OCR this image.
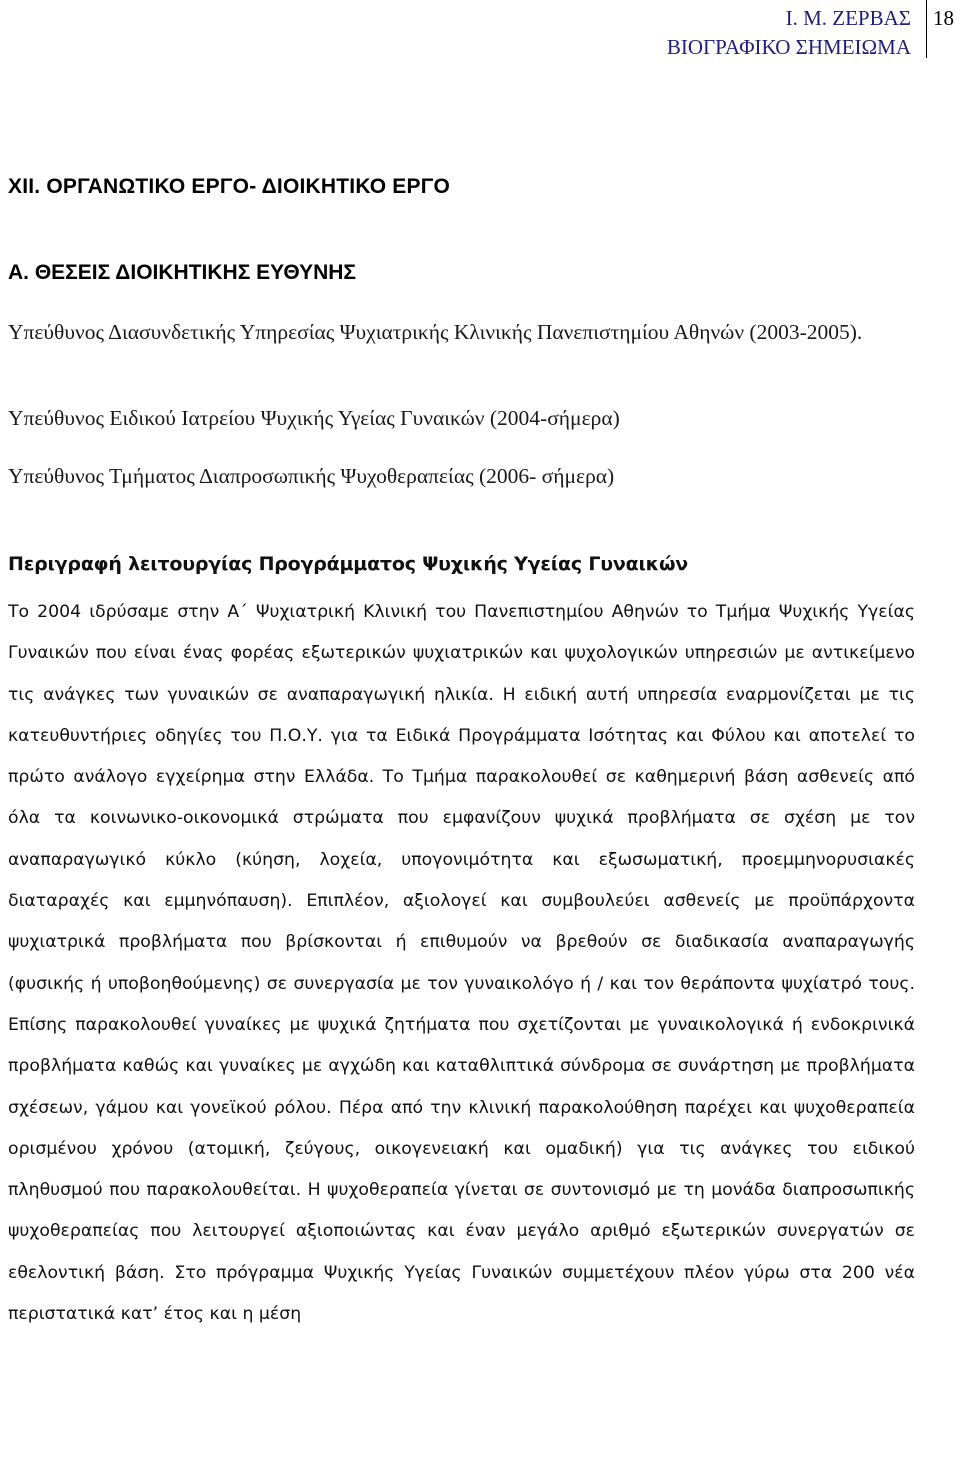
Ι. Μ. ΖΕΡΒΑΣ
ΒΙΟΓΡΑΦΙΚΟ ΣΗΜΕΙΩΜΑ
18
XII. ΟΡΓΑΝΩΤΙΚΟ ΕΡΓΟ- ΔΙΟΙΚΗΤΙΚΟ ΕΡΓΟ
Α. ΘΕΣΕΙΣ ΔΙΟΙΚΗΤΙΚΗΣ ΕΥΘΥΝΗΣ
Υπεύθυνος Διασυνδετικής Υπηρεσίας Ψυχιατρικής Κλινικής Πανεπιστημίου Αθηνών (2003-2005).
Υπεύθυνος Ειδικού Ιατρείου Ψυχικής Υγείας Γυναικών (2004-σήμερα)
Υπεύθυνος Τμήματος Διαπροσωπικής Ψυχοθεραπείας (2006- σήμερα)
Περιγραφή λειτουργίας Προγράμματος Ψυχικής Υγείας Γυναικών
Το 2004 ιδρύσαμε στην Α΄ Ψυχιατρική Κλινική του Πανεπιστημίου Αθηνών το Τμήμα Ψυχικής Υγείας Γυναικών που είναι ένας φορέας εξωτερικών ψυχιατρικών και ψυχολογικών υπηρεσιών με αντικείμενο τις ανάγκες των γυναικών σε αναπαραγωγική ηλικία. Η ειδική αυτή υπηρεσία εναρμονίζεται με τις κατευθυντήριες οδηγίες του Π.Ο.Υ. για τα Ειδικά Προγράμματα Ισότητας και Φύλου και αποτελεί το πρώτο ανάλογο εγχείρημα στην Ελλάδα. Το Τμήμα παρακολουθεί σε καθημερινή βάση ασθενείς από όλα τα κοινωνικο-οικονομικά στρώματα που εμφανίζουν ψυχικά προβλήματα σε σχέση με τον αναπαραγωγικό κύκλο (κύηση, λοχεία, υπογονιμότητα και εξωσωματική, προεμμηνορυσιακές διαταραχές και εμμηνόπαυση). Επιπλέον, αξιολογεί και συμβουλεύει ασθενείς με προϋπάρχοντα ψυχιατρικά προβλήματα που βρίσκονται ή επιθυμούν να βρεθούν σε διαδικασία αναπαραγωγής (φυσικής ή υποβοηθούμενης) σε συνεργασία με τον γυναικολόγο ή / και τον θεράποντα ψυχίατρό τους. Επίσης παρακολουθεί γυναίκες με ψυχικά ζητήματα που σχετίζονται με γυναικολογικά ή ενδοκρινικά προβλήματα καθώς και γυναίκες με αγχώδη και καταθλιπτικά σύνδρομα σε συνάρτηση με προβλήματα σχέσεων, γάμου και γονεϊκού ρόλου. Πέρα από την κλινική παρακολούθηση παρέχει και ψυχοθεραπεία ορισμένου χρόνου (ατομική, ζεύγους, οικογενειακή και ομαδική) για τις ανάγκες του ειδικού πληθυσμού που παρακολουθείται. Η ψυχοθεραπεία γίνεται σε συντονισμό με τη μονάδα διαπροσωπικής ψυχοθεραπείας που λειτουργεί αξιοποιώντας και έναν μεγάλο αριθμό εξωτερικών συνεργατών σε εθελοντική βάση. Στο πρόγραμμα Ψυχικής Υγείας Γυναικών συμμετέχουν πλέον γύρω στα 200 νέα περιστατικά κατ’ έτος και η μέση
